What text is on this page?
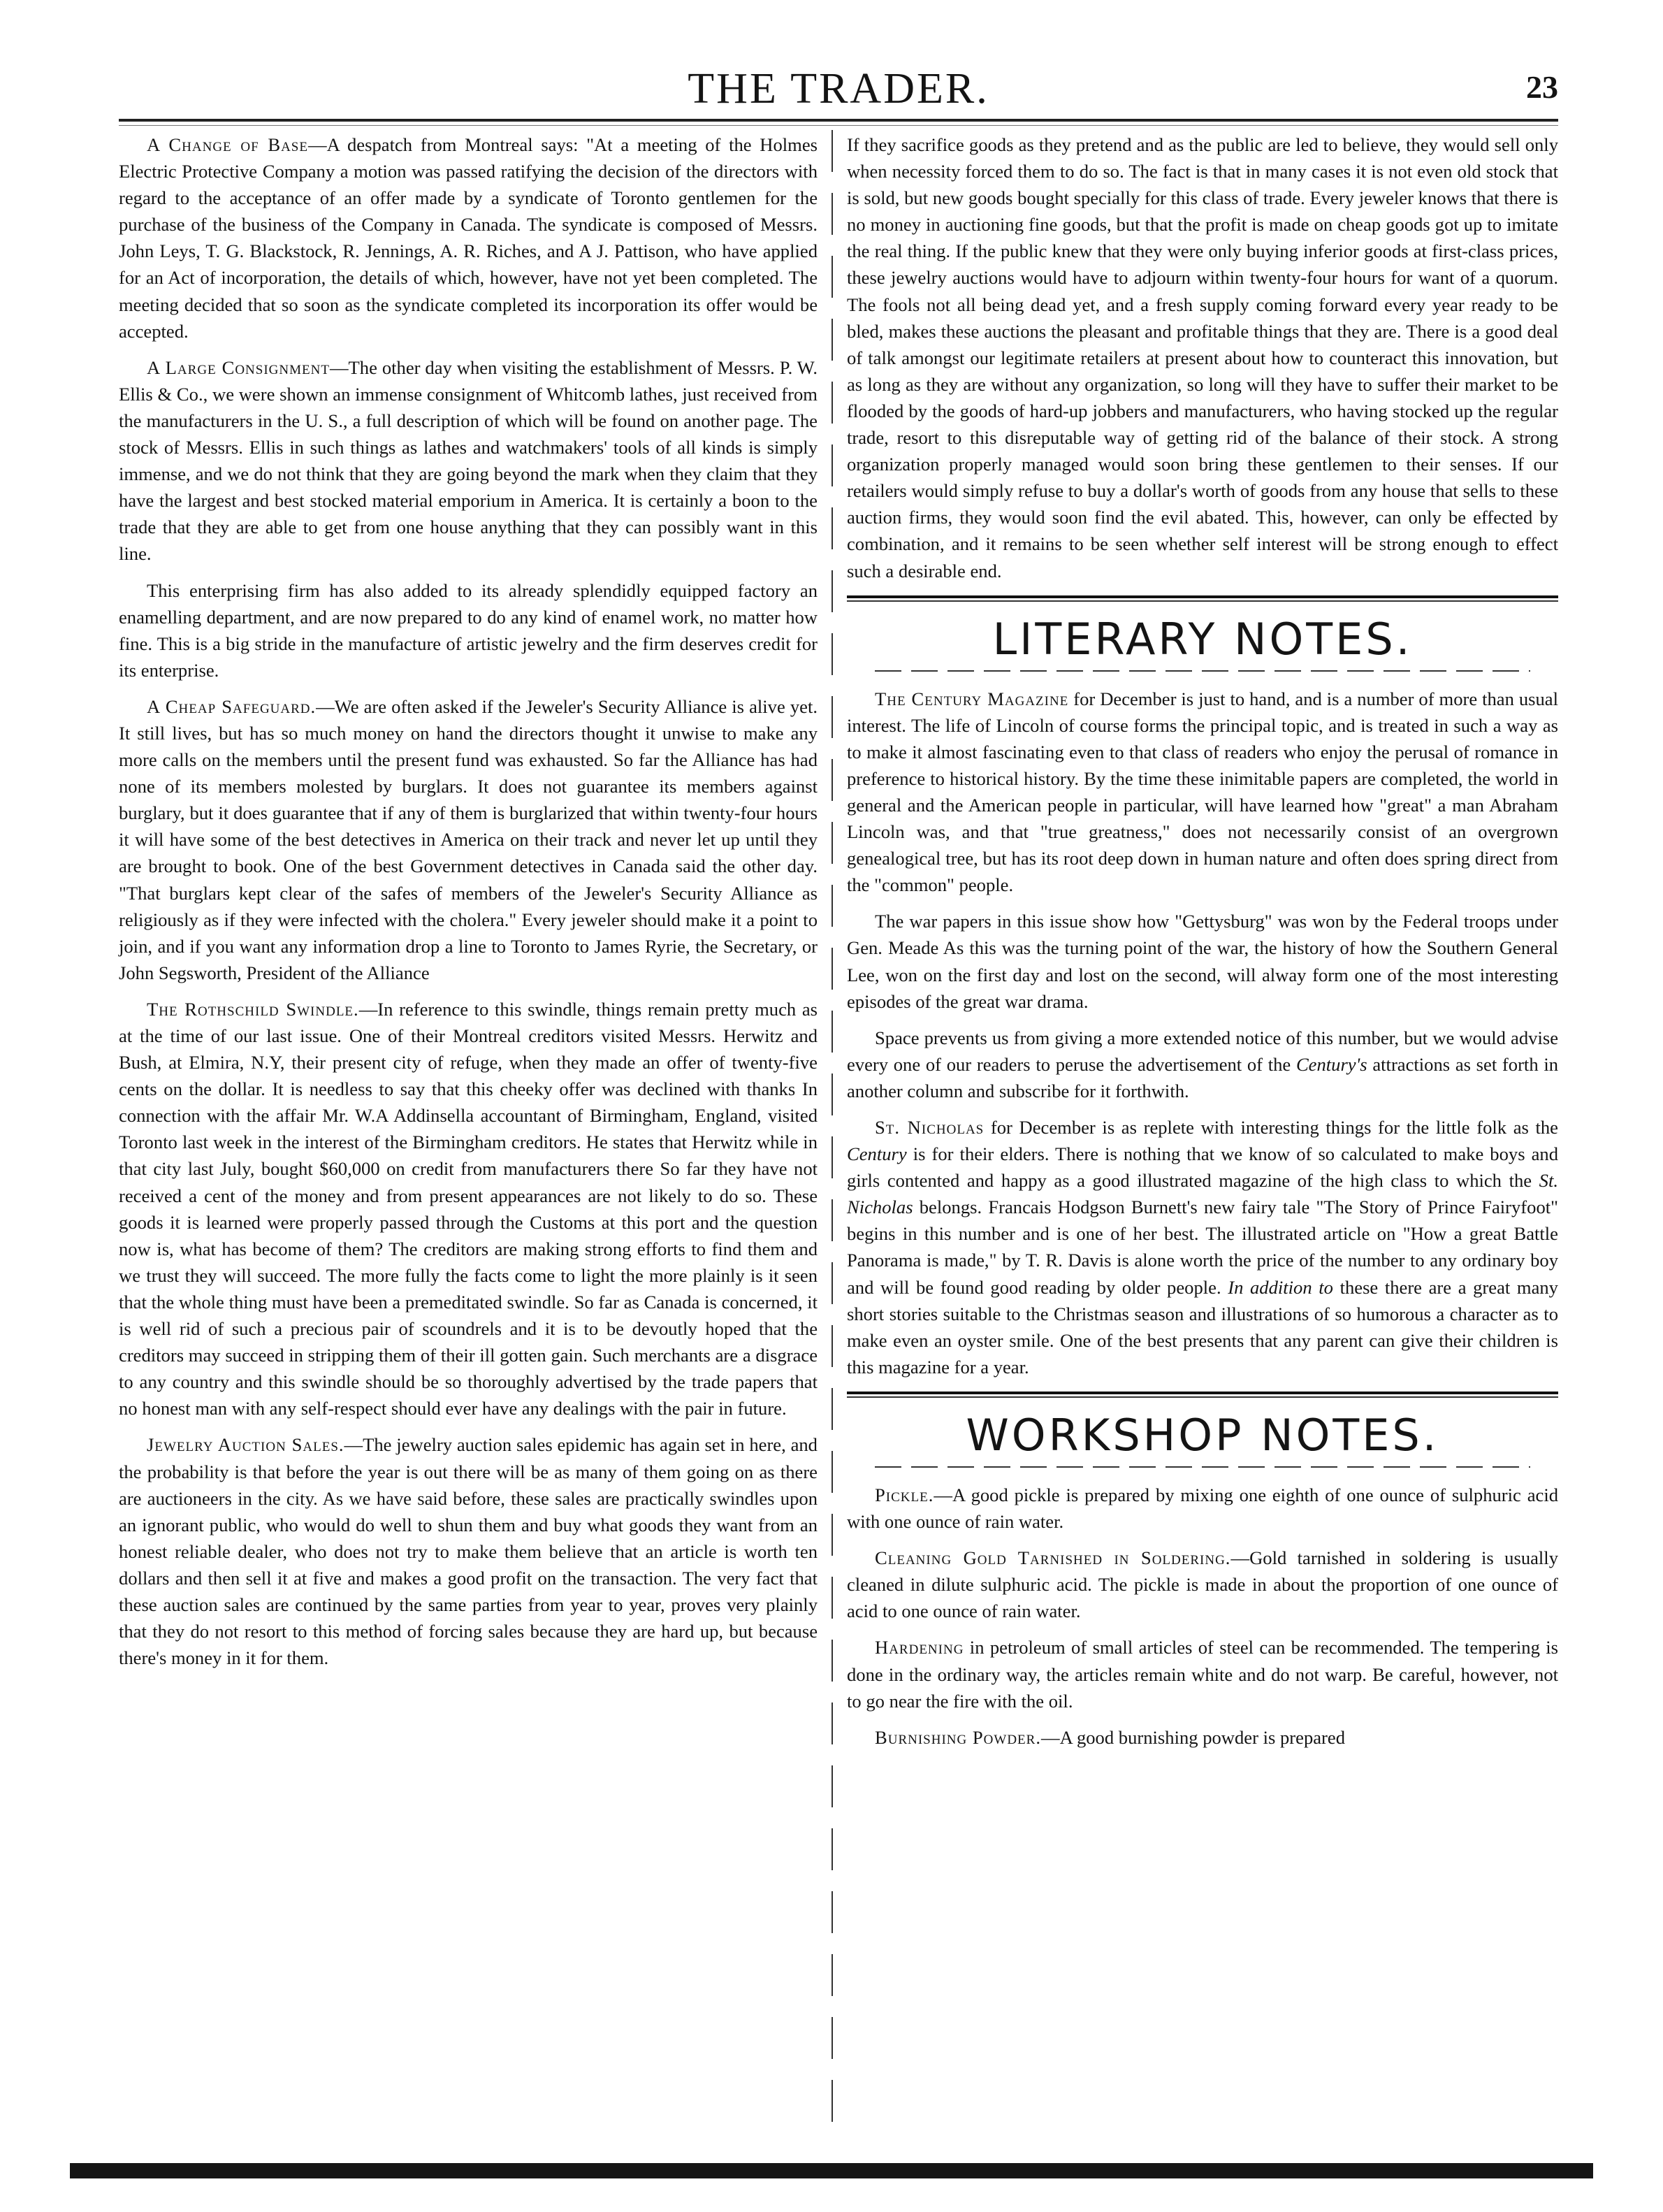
THE TRADER.	23

A Change of Base—A despatch from Montreal says: "At a meeting of the Holmes Electric Protective Company a motion was passed ratifying the decision of the directors with regard to the acceptance of an offer made by a syndicate of Toronto gentlemen for the purchase of the business of the Company in Canada. The syndicate is composed of Messrs. John Leys, T. G. Blackstock, R. Jennings, A. R. Riches, and A J. Pattison, who have applied for an Act of incorporation, the details of which, however, have not yet been completed. The meeting decided that so soon as the syndicate completed its incorporation its offer would be accepted.

A Large Consignment—The other day when visiting the establishment of Messrs. P. W. Ellis & Co., we were shown an immense consignment of Whitcomb lathes, just received from the manufacturers in the U. S., a full description of which will be found on another page. The stock of Messrs. Ellis in such things as lathes and watchmakers' tools of all kinds is simply immense, and we do not think that they are going beyond the mark when they claim that they have the largest and best stocked material emporium in America. It is certainly a boon to the trade that they are able to get from one house anything that they can possibly want in this line.

This enterprising firm has also added to its already splendidly equipped factory an enamelling department, and are now prepared to do any kind of enamel work, no matter how fine. This is a big stride in the manufacture of artistic jewelry and the firm deserves credit for its enterprise.

A Cheap Safeguard.—We are often asked if the Jeweler's Security Alliance is alive yet. It still lives, but has so much money on hand the directors thought it unwise to make any more calls on the members until the present fund was exhausted. So far the Alliance has had none of its members molested by burglars. It does not guarantee its members against burglary, but it does guarantee that if any of them is burglarized that within twenty-four hours it will have some of the best detectives in America on their track and never let up until they are brought to book. One of the best Government detectives in Canada said the other day. "That burglars kept clear of the safes of members of the Jeweler's Security Alliance as religiously as if they were infected with the cholera." Every jeweler should make it a point to join, and if you want any information drop a line to Toronto to James Ryrie, the Secretary, or John Segsworth, President of the Alliance

The Rothschild Swindle.—In reference to this swindle, things remain pretty much as at the time of our last issue. One of their Montreal creditors visited Messrs. Herwitz and Bush, at Elmira, N.Y, their present city of refuge, when they made an offer of twenty-five cents on the dollar. It is needless to say that this cheeky offer was declined with thanks In connection with the affair Mr. W.A Addinsella accountant of Birmingham, England, visited Toronto last week in the interest of the Birmingham creditors. He states that Herwitz while in that city last July, bought $60,000 on credit from manufacturers there So far they have not received a cent of the money and from present appearances are not likely to do so. These goods it is learned were properly passed through the Customs at this port and the question now is, what has become of them? The creditors are making strong efforts to find them and we trust they will succeed. The more fully the facts come to light the more plainly is it seen that the whole thing must have been a premeditated swindle. So far as Canada is concerned, it is well rid of such a precious pair of scoundrels and it is to be devoutly hoped that the creditors may succeed in stripping them of their ill gotten gain. Such merchants are a disgrace to any country and this swindle should be so thoroughly advertised by the trade papers that no honest man with any self-respect should ever have any dealings with the pair in future.

Jewelry Auction Sales.—The jewelry auction sales epidemic has again set in here, and the probability is that before the year is out there will be as many of them going on as there are auctioneers in the city. As we have said before, these sales are practically swindles upon an ignorant public, who would do well to shun them and buy what goods they want from an honest reliable dealer, who does not try to make them believe that an article is worth ten dollars and then sell it at five and makes a good profit on the transaction. The very fact that these auction sales are continued by the same parties from year to year, proves very plainly that they do not resort to this method of forcing sales because they are hard up, but because there's money in it for them.

If they sacrifice goods as they pretend and as the public are led to believe, they would sell only when necessity forced them to do so. The fact is that in many cases it is not even old stock that is sold, but new goods bought specially for this class of trade. Every jeweler knows that there is no money in auctioning fine goods, but that the profit is made on cheap goods got up to imitate the real thing. If the public knew that they were only buying inferior goods at first-class prices, these jewelry auctions would have to adjourn within twenty-four hours for want of a quorum. The fools not all being dead yet, and a fresh supply coming forward every year ready to be bled, makes these auctions the pleasant and profitable things that they are. There is a good deal of talk amongst our legitimate retailers at present about how to counteract this innovation, but as long as they are without any organization, so long will they have to suffer their market to be flooded by the goods of hard-up jobbers and manufacturers, who having stocked up the regular trade, resort to this disreputable way of getting rid of the balance of their stock. A strong organization properly managed would soon bring these gentlemen to their senses. If our retailers would simply refuse to buy a dollar's worth of goods from any house that sells to these auction firms, they would soon find the evil abated. This, however, can only be effected by combination, and it remains to be seen whether self interest will be strong enough to effect such a desirable end.

LITERARY NOTES.

The Century Magazine for December is just to hand, and is a number of more than usual interest. The life of Lincoln of course forms the principal topic, and is treated in such a way as to make it almost fascinating even to that class of readers who enjoy the perusal of romance in preference to historical history. By the time these inimitable papers are completed, the world in general and the American people in particular, will have learned how "great" a man Abraham Lincoln was, and that "true greatness," does not necessarily consist of an overgrown genealogical tree, but has its root deep down in human nature and often does spring direct from the "common" people.

The war papers in this issue show how "Gettysburg" was won by the Federal troops under Gen. Meade As this was the turning point of the war, the history of how the Southern General Lee, won on the first day and lost on the second, will alway form one of the most interesting episodes of the great war drama.

Space prevents us from giving a more extended notice of this number, but we would advise every one of our readers to peruse the advertisement of the Century's attractions as set forth in another column and subscribe for it forthwith.

St. Nicholas for December is as replete with interesting things for the little folk as the Century is for their elders. There is nothing that we know of so calculated to make boys and girls contented and happy as a good illustrated magazine of the high class to which the St. Nicholas belongs. Francais Hodgson Burnett's new fairy tale "The Story of Prince Fairyfoot" begins in this number and is one of her best. The illustrated article on "How a great Battle Panorama is made," by T. R. Davis is alone worth the price of the number to any ordinary boy and will be found good reading by older people. In addition to these there are a great many short stories suitable to the Christmas season and illustrations of so humorous a character as to make even an oyster smile. One of the best presents that any parent can give their children is this magazine for a year.

WORKSHOP NOTES.

Pickle.—A good pickle is prepared by mixing one eighth of one ounce of sulphuric acid with one ounce of rain water.

Cleaning Gold Tarnished in Soldering.—Gold tarnished in soldering is usually cleaned in dilute sulphuric acid. The pickle is made in about the proportion of one ounce of acid to one ounce of rain water.

Hardening in petroleum of small articles of steel can be recommended. The tempering is done in the ordinary way, the articles remain white and do not warp. Be careful, however, not to go near the fire with the oil.

Burnishing Powder.—A good burnishing powder is prepared
